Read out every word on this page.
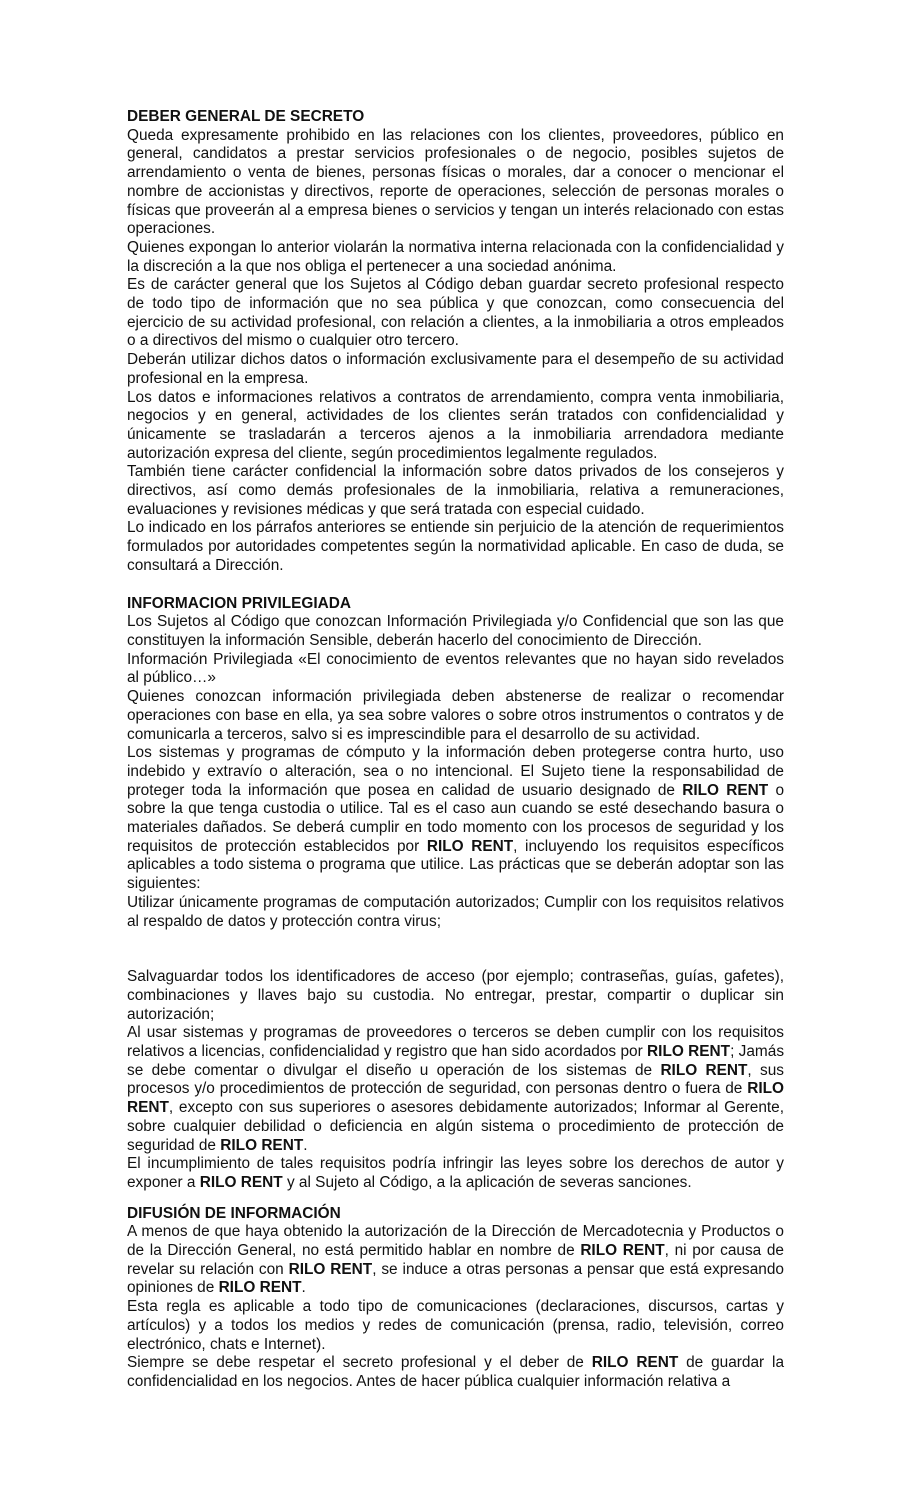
DEBER GENERAL DE SECRETO

Queda expresamente prohibido en las relaciones con los clientes, proveedores, público en general, candidatos a prestar servicios profesionales o de negocio, posibles sujetos de arrendamiento o venta de bienes, personas físicas o morales, dar a conocer o mencionar el nombre de accionistas y directivos, reporte de operaciones, selección de personas morales o físicas que proveerán al a empresa bienes o servicios y tengan un interés relacionado con estas operaciones.

Quienes expongan lo anterior violarán la normativa interna relacionada con la confidencialidad y la discreción a la que nos obliga el pertenecer a una sociedad anónima.

Es de carácter general que los Sujetos al Código deban guardar secreto profesional respecto de todo tipo de información que no sea pública y que conozcan, como consecuencia del ejercicio de su actividad profesional, con relación a clientes, a la inmobiliaria a otros empleados o a directivos del mismo o cualquier otro tercero.

Deberán utilizar dichos datos o información exclusivamente para el desempeño de su actividad profesional en la empresa.

Los datos e informaciones relativos a contratos de arrendamiento, compra venta inmobiliaria, negocios y en general, actividades de los clientes serán tratados con confidencialidad y únicamente se trasladarán a terceros ajenos a la inmobiliaria arrendadora mediante autorización expresa del cliente, según procedimientos legalmente regulados.

También tiene carácter confidencial la información sobre datos privados de los consejeros y directivos, así como demás profesionales de la inmobiliaria, relativa a remuneraciones, evaluaciones y revisiones médicas y que será tratada con especial cuidado.

Lo indicado en los párrafos anteriores se entiende sin perjuicio de la atención de requerimientos formulados por autoridades competentes según la normatividad aplicable. En caso de duda, se consultará a Dirección.

INFORMACION PRIVILEGIADA

Los Sujetos al Código que conozcan Información Privilegiada y/o Confidencial que son las que constituyen la información Sensible, deberán hacerlo del conocimiento de Dirección.

Información Privilegiada «El conocimiento de eventos relevantes que no hayan sido revelados al público…»

Quienes conozcan información privilegiada deben abstenerse de realizar o recomendar operaciones con base en ella, ya sea sobre valores o sobre otros instrumentos o contratos y de comunicarla a terceros, salvo si es imprescindible para el desarrollo de su actividad.

Los sistemas y programas de cómputo y la información deben protegerse contra hurto, uso indebido y extravío o alteración, sea o no intencional. El Sujeto tiene la responsabilidad de proteger toda la información que posea en calidad de usuario designado de RILO RENT o sobre la que tenga custodia o utilice. Tal es el caso aun cuando se esté desechando basura o materiales dañados. Se deberá cumplir en todo momento con los procesos de seguridad y los requisitos de protección establecidos por RILO RENT, incluyendo los requisitos específicos aplicables a todo sistema o programa que utilice. Las prácticas que se deberán adoptar son las siguientes:

Utilizar únicamente programas de computación autorizados; Cumplir con los requisitos relativos al respaldo de datos y protección contra virus;

Salvaguardar todos los identificadores de acceso (por ejemplo; contraseñas, guías, gafetes), combinaciones y llaves bajo su custodia. No entregar, prestar, compartir o duplicar sin autorización;

Al usar sistemas y programas de proveedores o terceros se deben cumplir con los requisitos relativos a licencias, confidencialidad y registro que han sido acordados por RILO RENT; Jamás se debe comentar o divulgar el diseño u operación de los sistemas de RILO RENT, sus procesos y/o procedimientos de protección de seguridad, con personas dentro o fuera de RILO RENT, excepto con sus superiores o asesores debidamente autorizados; Informar al Gerente, sobre cualquier debilidad o deficiencia en algún sistema o procedimiento de protección de seguridad de RILO RENT.

El incumplimiento de tales requisitos podría infringir las leyes sobre los derechos de autor y exponer a RILO RENT y al Sujeto al Código, a la aplicación de severas sanciones.

DIFUSIÓN DE INFORMACIÓN

A menos de que haya obtenido la autorización de la Dirección de Mercadotecnia y Productos o de la Dirección General, no está permitido hablar en nombre de RILO RENT, ni por causa de revelar su relación con RILO RENT, se induce a otras personas a pensar que está expresando opiniones de RILO RENT.

Esta regla es aplicable a todo tipo de comunicaciones (declaraciones, discursos, cartas y artículos) y a todos los medios y redes de comunicación (prensa, radio, televisión, correo electrónico, chats e Internet).

Siempre se debe respetar el secreto profesional y el deber de RILO RENT de guardar la confidencialidad en los negocios. Antes de hacer pública cualquier información relativa a
